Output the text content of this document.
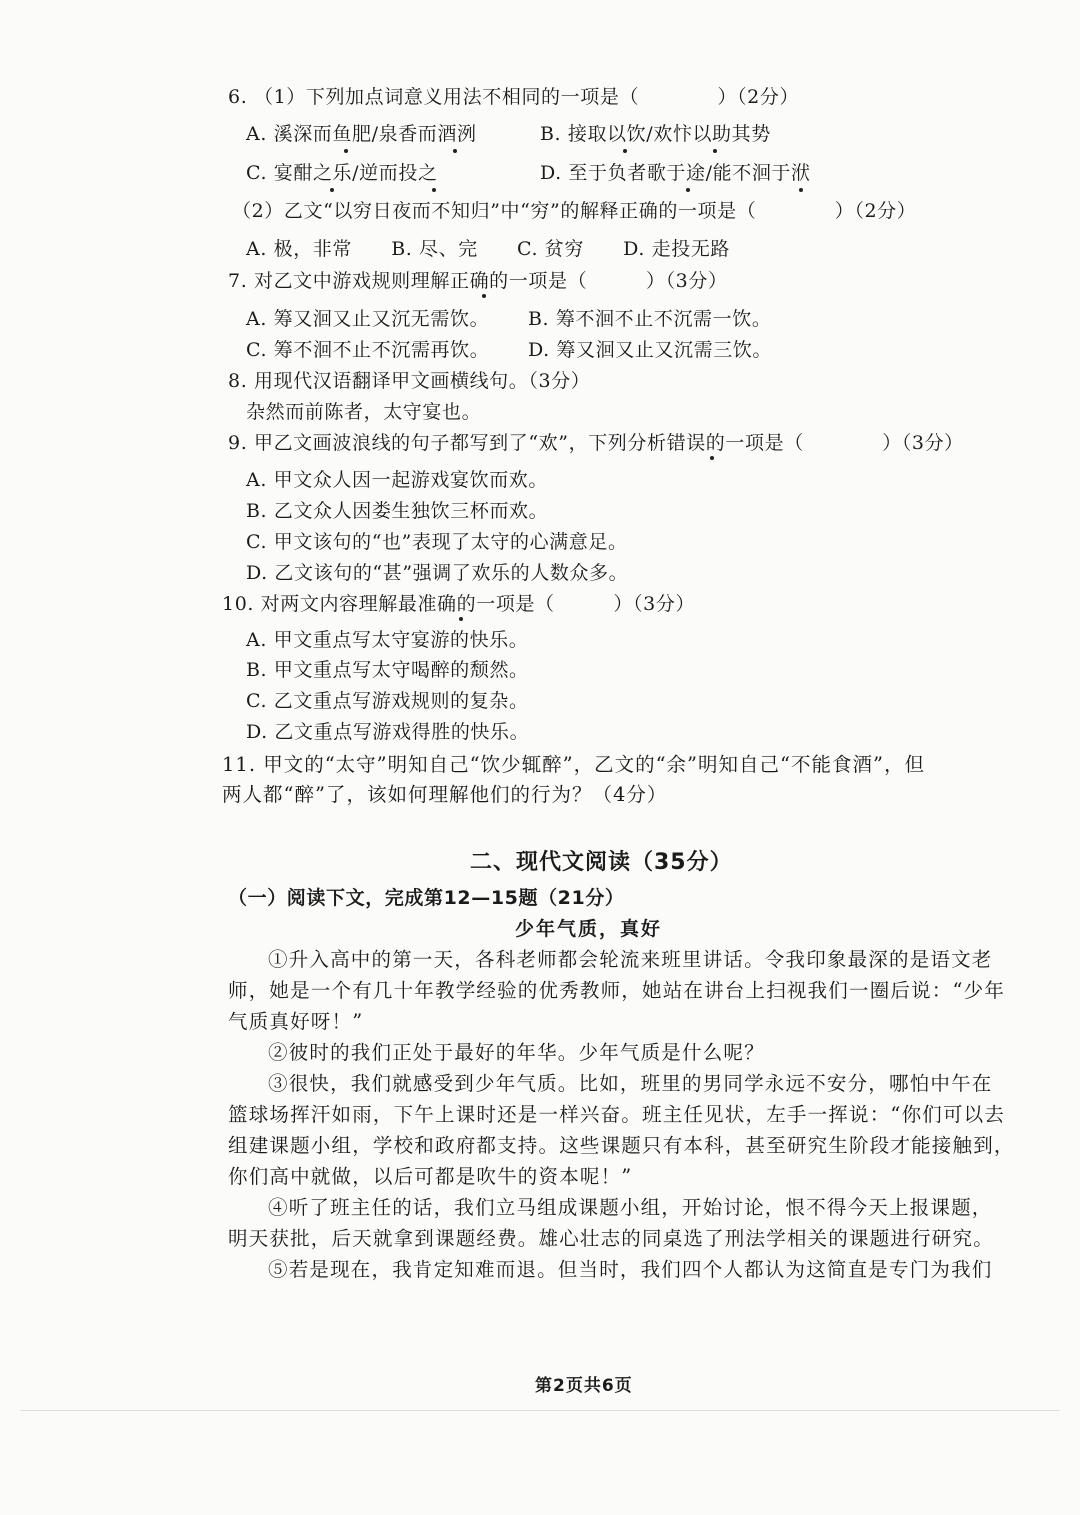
6. （1）下列加点词意义用法不相同的一项是（　　　　）（2分）
A. 溪深而鱼肥/泉香而酒洌	B. 接取以饮/欢忭以助其势
C. 宴酣之乐/逆而投之	D. 至于负者歌于途/能不洄于洑
（2）乙文“以穷日夜而不知归”中“穷”的解释正确的一项是（　　　　）（2分）
A. 极，非常　　B. 尽、完　　C. 贫穷　　D. 走投无路
7. 对乙文中游戏规则理解正确的一项是（　　　）（3分）
A. 筹又洄又止又沉无需饮。 B. 筹不洄不止不沉需一饮。
C. 筹不洄不止不沉需再饮。 D. 筹又洄又止又沉需三饮。
8. 用现代汉语翻译甲文画横线句。（3分）
杂然而前陈者，太守宴也。
9. 甲乙文画波浪线的句子都写到了“欢”，下列分析错误的一项是（　　　　）（3分）
A. 甲文众人因一起游戏宴饮而欢。
B. 乙文众人因娄生独饮三杯而欢。
C. 甲文该句的“也”表现了太守的心满意足。
D. 乙文该句的“甚”强调了欢乐的人数众多。
10. 对两文内容理解最准确的一项是（　　　）（3分）
A. 甲文重点写太守宴游的快乐。
B. 甲文重点写太守喝醉的颓然。
C. 乙文重点写游戏规则的复杂。
D. 乙文重点写游戏得胜的快乐。
11. 甲文的“太守”明知自己“饮少辄醉”，乙文的“余”明知自己“不能食酒”，但
两人都“醉”了，该如何理解他们的行为？（4分）
二、现代文阅读（35分）
（一）阅读下文，完成第12—15题（21分）
少年气质，真好
①升入高中的第一天，各科老师都会轮流来班里讲话。令我印象最深的是语文老
师，她是一个有几十年教学经验的优秀教师，她站在讲台上扫视我们一圈后说：“少年
气质真好呀！”
②彼时的我们正处于最好的年华。少年气质是什么呢？
③很快，我们就感受到少年气质。比如，班里的男同学永远不安分，哪怕中午在
篮球场挥汗如雨，下午上课时还是一样兴奋。班主任见状，左手一挥说：“你们可以去
组建课题小组，学校和政府都支持。这些课题只有本科，甚至研究生阶段才能接触到，
你们高中就做，以后可都是吹牛的资本呢！”
④听了班主任的话，我们立马组成课题小组，开始讨论，恨不得今天上报课题，
明天获批，后天就拿到课题经费。雄心壮志的同桌选了刑法学相关的课题进行研究。
⑤若是现在，我肯定知难而退。但当时，我们四个人都认为这简直是专门为我们
第2页共6页
